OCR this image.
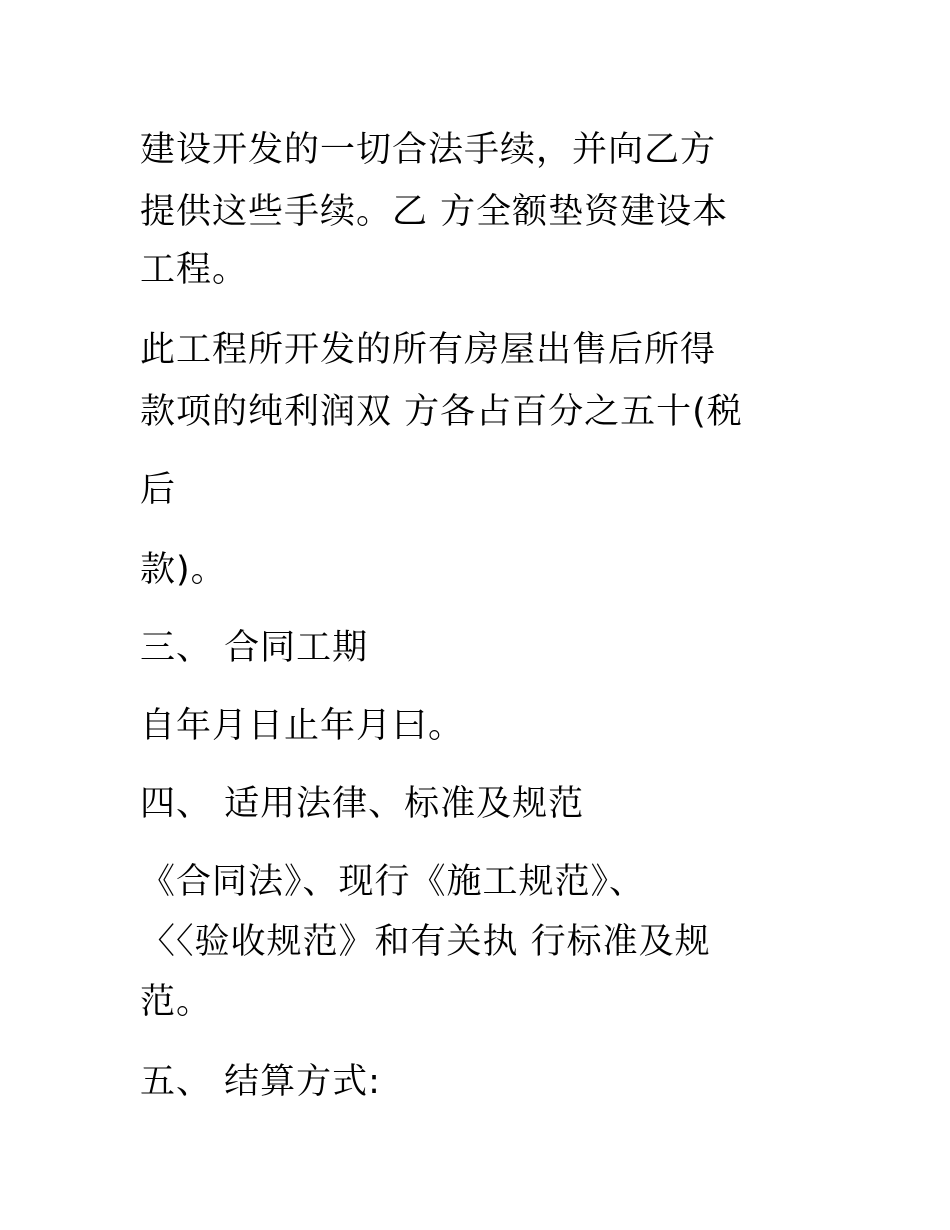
建设开发的一切合法手续，并向乙方
提供这些手续。乙 方全额垫资建设本
工程。
此工程所开发的所有房屋出售后所得
款项的纯利润双 方各占百分之五十(税
后
款)。
三、 合同工期
自年月日止年月曰。
四、 适用法律、标准及规范
《合同法》、现行《施工规范》、
〈〈验收规范》和有关执 行标准及规
范。
五、 结算方式:
